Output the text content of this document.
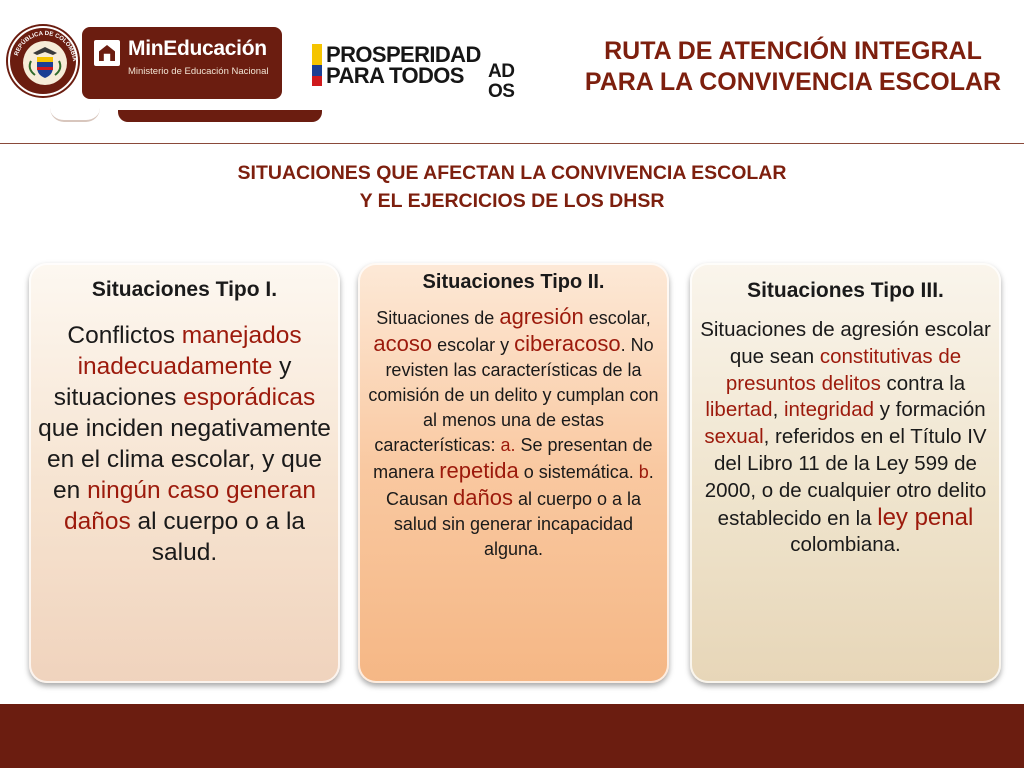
REPÚBLICA DE COLOMBIA MinEducación
Ministerio de Educación Nacional
PROSPERIDAD
PARA TODOS AD
OS
RUTA DE ATENCIÓN INTEGRAL PARA LA CONVIVENCIA ESCOLAR
SITUACIONES QUE AFECTAN LA CONVIVENCIA ESCOLAR
Y EL EJERCICIOS DE LOS DHSR
Situaciones Tipo I.
Conflictos manejados inadecuadamente y situaciones esporádicas que inciden negativamente en el clima escolar, y que en ningún caso generan daños al cuerpo o a la salud.
Situaciones Tipo II.
Situaciones de agresión escolar, acoso escolar y ciberacoso. No revisten las características de la comisión de un delito y cumplan con al menos una de estas características: a. Se presentan de manera repetida o sistemática. b. Causan daños al cuerpo o a la salud sin generar incapacidad alguna.
Situaciones Tipo III.
Situaciones de agresión escolar que sean constitutivas de presuntos delitos contra la libertad, integridad y formación sexual, referidos en el Título IV del Libro 11 de la Ley 599 de 2000, o de cualquier otro delito establecido en la ley penal colombiana.
